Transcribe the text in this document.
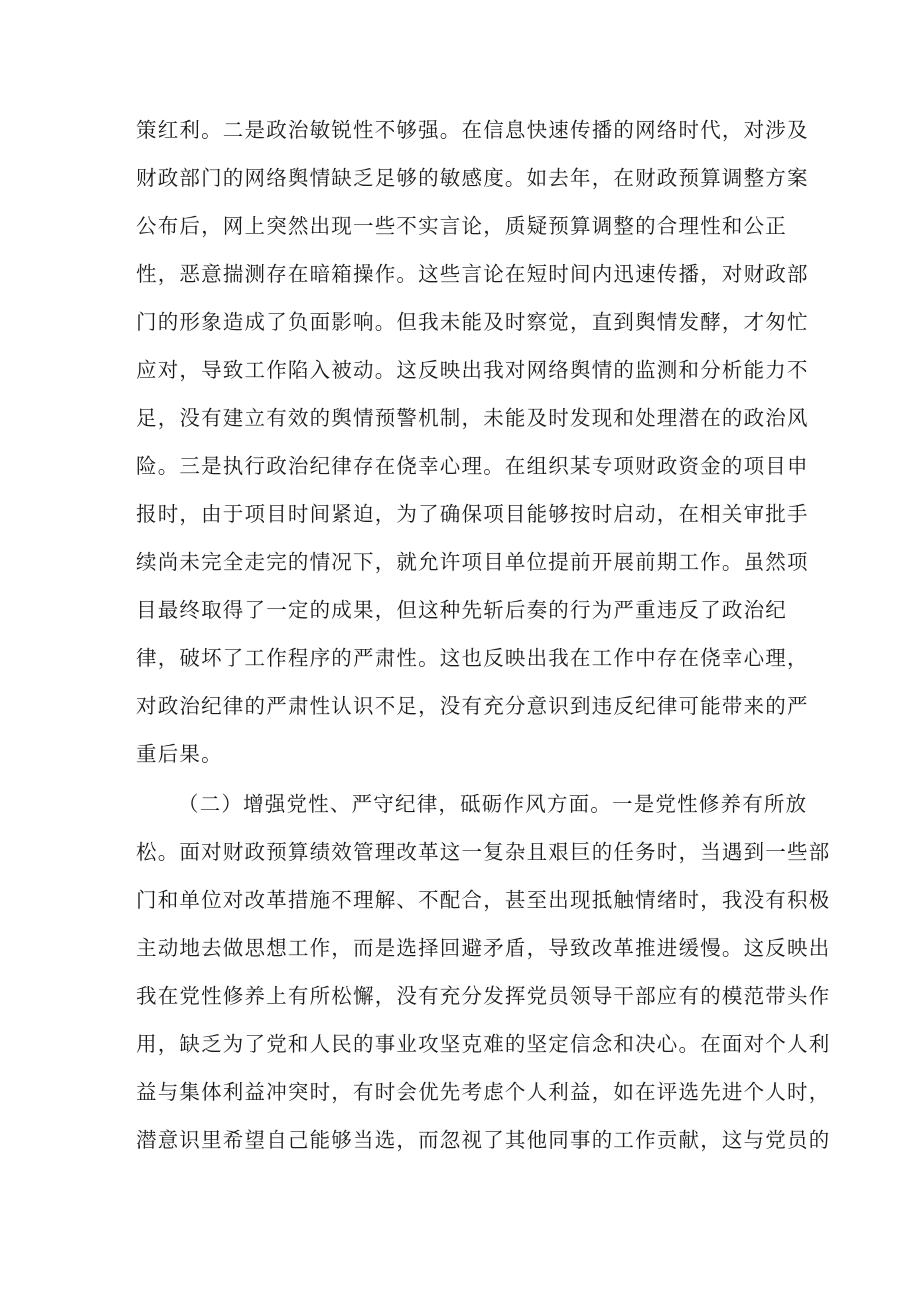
策红利。二是政治敏锐性不够强。在信息快速传播的网络时代，对涉及
财政部门的网络舆情缺乏足够的敏感度。如去年，在财政预算调整方案
公布后，网上突然出现一些不实言论，质疑预算调整的合理性和公正
性，恶意揣测存在暗箱操作。这些言论在短时间内迅速传播，对财政部
门的形象造成了负面影响。但我未能及时察觉，直到舆情发酵，才匆忙
应对，导致工作陷入被动。这反映出我对网络舆情的监测和分析能力不
足，没有建立有效的舆情预警机制，未能及时发现和处理潜在的政治风
险。三是执行政治纪律存在侥幸心理。在组织某专项财政资金的项目申
报时，由于项目时间紧迫，为了确保项目能够按时启动，在相关审批手
续尚未完全走完的情况下，就允许项目单位提前开展前期工作。虽然项
目最终取得了一定的成果，但这种先斩后奏的行为严重违反了政治纪
律，破坏了工作程序的严肃性。这也反映出我在工作中存在侥幸心理，
对政治纪律的严肃性认识不足，没有充分意识到违反纪律可能带来的严
重后果。
（二）增强党性、严守纪律，砥砺作风方面。一是党性修养有所放
松。面对财政预算绩效管理改革这一复杂且艰巨的任务时，当遇到一些部
门和单位对改革措施不理解、不配合，甚至出现抵触情绪时，我没有积极
主动地去做思想工作，而是选择回避矛盾，导致改革推进缓慢。这反映出
我在党性修养上有所松懈，没有充分发挥党员领导干部应有的模范带头作
用，缺乏为了党和人民的事业攻坚克难的坚定信念和决心。在面对个人利
益与集体利益冲突时，有时会优先考虑个人利益，如在评选先进个人时，
潜意识里希望自己能够当选，而忽视了其他同事的工作贡献，这与党员的
